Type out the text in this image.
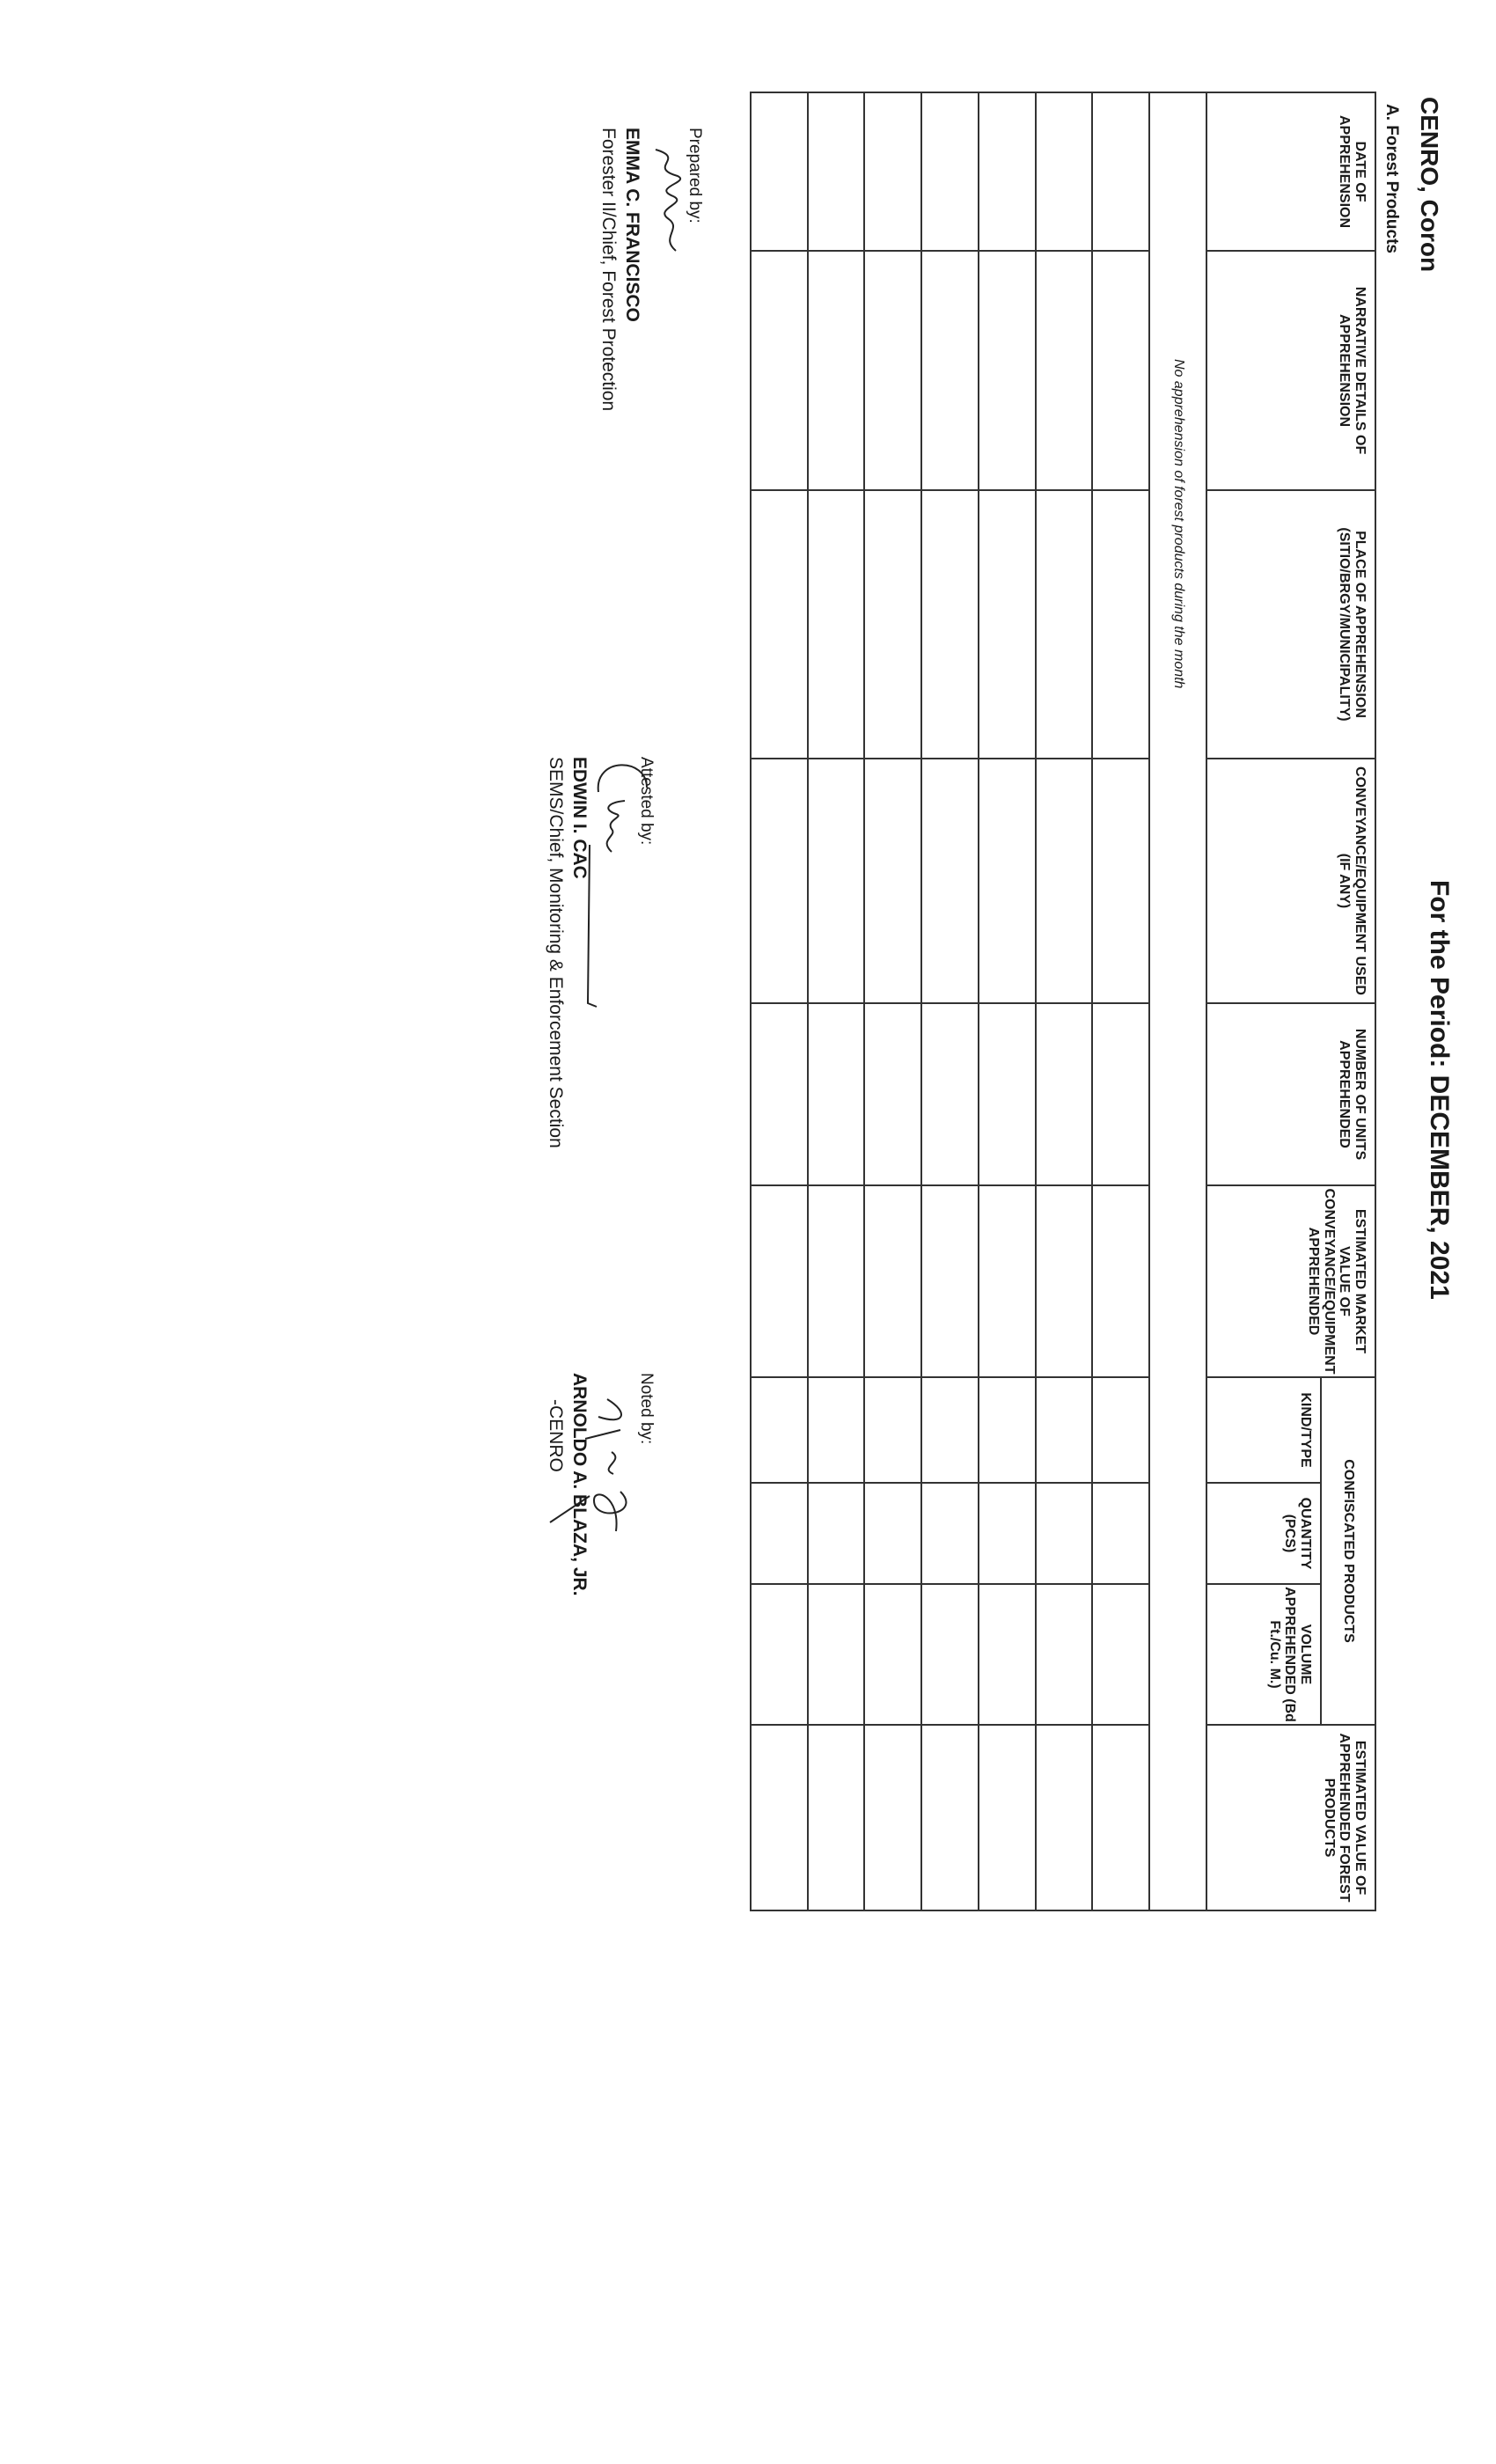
For the Period: DECEMBER, 2021
CENRO, Coron
A. Forest Products
DATE OF APPREHENSION	NARRATIVE DETAILS OF APPREHENSION	PLACE OF APPREHENSION (SITIO/BRGY/MUNICIPALITY)	CONVEYANCE/EQUIPMENT USED (IF ANY)	NUMBER OF UNITS APPREHENDED	ESTIMATED MARKET VALUE OF CONVEYANCE/EQUIPMENT APPREHENDED	CONFISCATED PRODUCTS			ESTIMATED VALUE OF APPREHENDED FOREST PRODUCTS
						KIND/TYPE	QUANTITY (PCS)	VOLUME APPREHENDED (Bd Ft./Cu. M.)	
No apprehension of forest products during the month									

Prepared by:
EMMA C. FRANCISCO
Forester II/Chief, Forest Protection
Attested by:
EDWIN I. CAC
SEMS/Chief, Monitoring & Enforcement Section
Noted by:
ARNOLDO A. BLAZA, JR.
-CENRO
